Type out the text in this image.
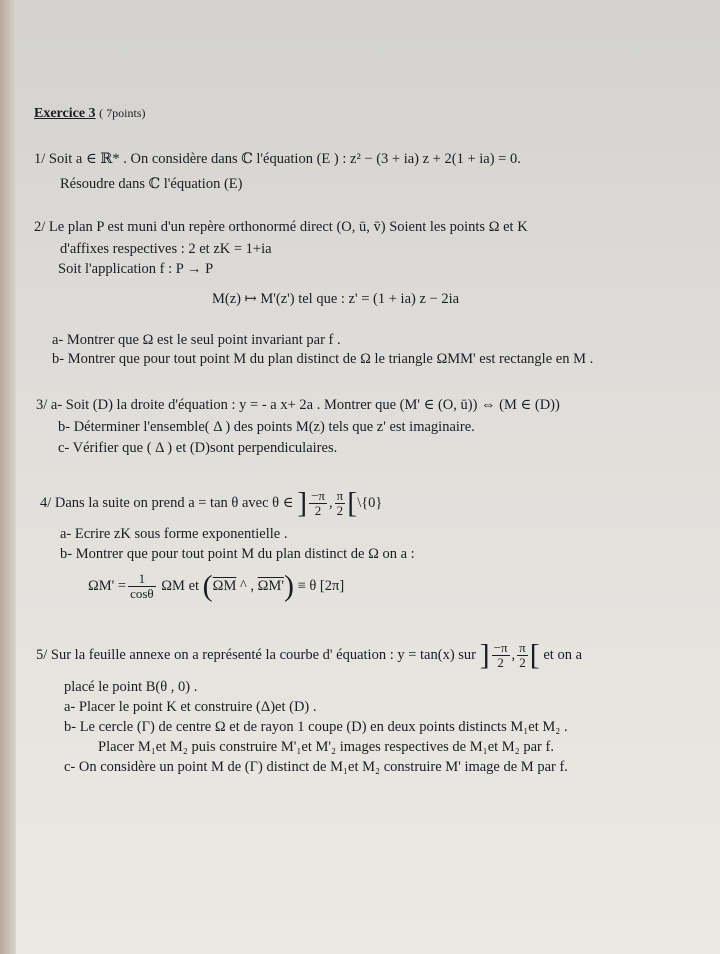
Exercice 3 ( 7points)
1/ Soit a ∈ ℝ* . On considère dans ℂ l'équation (E ) : z² − (3 + ia) z + 2(1 + ia) = 0.
Résoudre dans ℂ l'équation (E)
2/ Le plan P est muni d'un repère orthonormé direct (O, ū, v̄) Soient les points Ω et K
d'affixes respectives : 2 et zK = 1+ia
Soit l'application f : P → P
M(z) ↦ M'(z') tel que : z' = (1 + ia) z − 2ia
a- Montrer que Ω est le seul point invariant par f .
b- Montrer que pour tout point M du plan distinct de Ω le triangle ΩMM' est rectangle en M .
3/ a- Soit (D) la droite d'équation : y = - a x+ 2a . Montrer que (M' ∈ (O, ū)) ⇔ (M ∈ (D))
b- Déterminer l'ensemble( Δ ) des points M(z) tels que z' est imaginaire.
c- Vérifier que ( Δ ) et (D)sont perpendiculaires.
4/ Dans la suite on prend a = tan θ avec θ ∈ ] $\frac{-\pi}{2}$ , $\frac{\pi}{2}$ [\{0}
a- Ecrire zK sous forme exponentielle .
b- Montrer que pour tout point M du plan distinct de Ω on a :
$\Omega M' = \frac{1}{\cos\theta}$ ΩM et ($\overline{\Omega M}$ ^ , ΩM') ≡ θ [2π]
5/ Sur la feuille annexe on a représenté la courbe d' équation : y = tan(x) sur ] $\frac{-\pi}{2}$ , $\frac{\pi}{2}$ [ et on a
placé le point B(θ , 0) .
a- Placer le point K et construire (Δ)et (D) .
b- Le cercle (Γ) de centre Ω et de rayon 1 coupe (D) en deux points distincts M₁et M₂ .
Placer M₁et M₂ puis construire M'₁et M'₂ images respectives de M₁et M₂ par f.
c- On considère un point M de (Γ) distinct de M₁et M₂ construire M' image de M par f.
